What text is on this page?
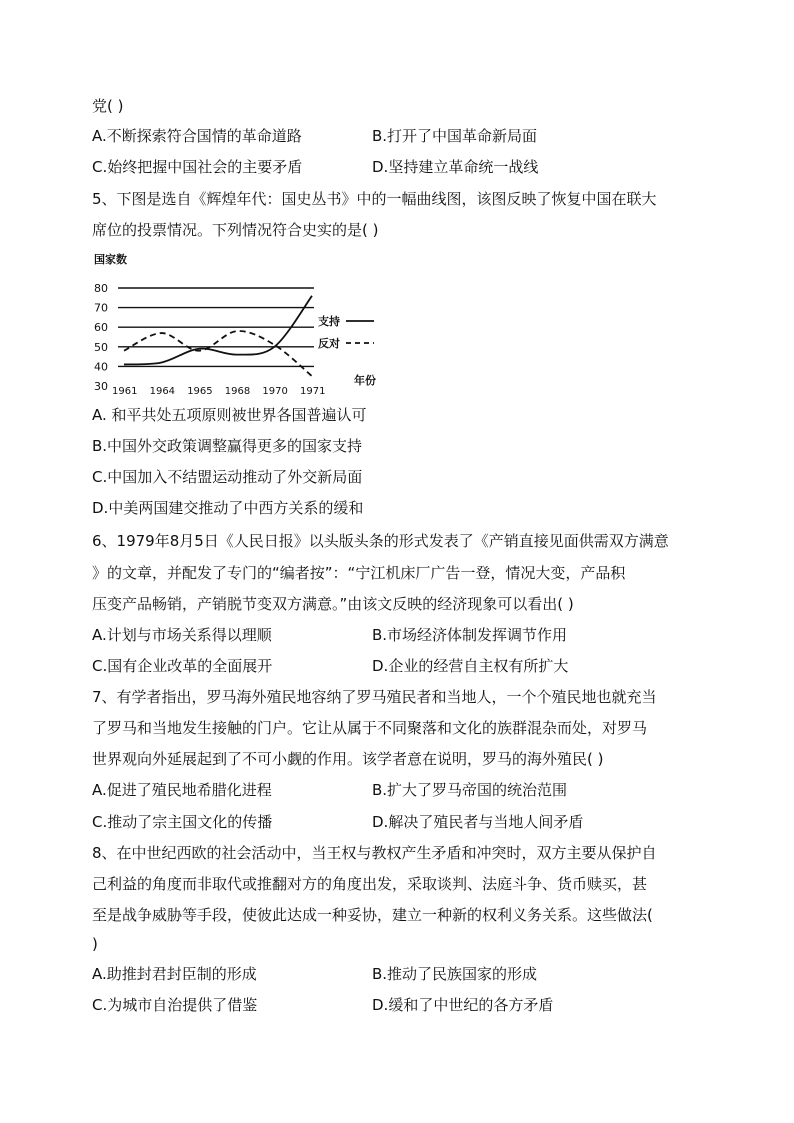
党( )
A.不断探索符合国情的革命道路	B.打开了中国革命新局面
C.始终把握中国社会的主要矛盾	D.坚持建立革命统一战线
5、下图是选自《辉煌年代：国史丛书》中的一幅曲线图，该图反映了恢复中国在联大
席位的投票情况。下列情况符合史实的是( )
国家数
80
70
60
50
40
30 1961 1964 1965 1968 1970 1971
支持
反对
年份
A. 和平共处五项原则被世界各国普遍认可
B.中国外交政策调整赢得更多的国家支持
C.中国加入不结盟运动推动了外交新局面
D.中美两国建交推动了中西方关系的缓和
6、1979年8月5日《人民日报》以头版头条的形式发表了《产销直接见面供需双方满意
》的文章，并配发了专门的“编者按”：“宁江机床厂广告一登，情况大变，产品积
压变产品畅销，产销脱节变双方满意。”由该文反映的经济现象可以看出( )
A.计划与市场关系得以理顺	B.市场经济体制发挥调节作用
C.国有企业改革的全面展开	D.企业的经营自主权有所扩大
7、有学者指出，罗马海外殖民地容纳了罗马殖民者和当地人，一个个殖民地也就充当
了罗马和当地发生接触的门户。它让从属于不同聚落和文化的族群混杂而处，对罗马
世界观向外延展起到了不可小觑的作用。该学者意在说明，罗马的海外殖民( )
A.促进了殖民地希腊化进程	B.扩大了罗马帝国的统治范围
C.推动了宗主国文化的传播	D.解决了殖民者与当地人间矛盾
8、在中世纪西欧的社会活动中，当王权与教权产生矛盾和冲突时，双方主要从保护自
己利益的角度而非取代或推翻对方的角度出发，采取谈判、法庭斗争、货币赎买，甚
至是战争威胁等手段，使彼此达成一种妥协，建立一种新的权利义务关系。这些做法(
)
A.助推封君封臣制的形成	B.推动了民族国家的形成
C.为城市自治提供了借鉴	D.缓和了中世纪的各方矛盾
